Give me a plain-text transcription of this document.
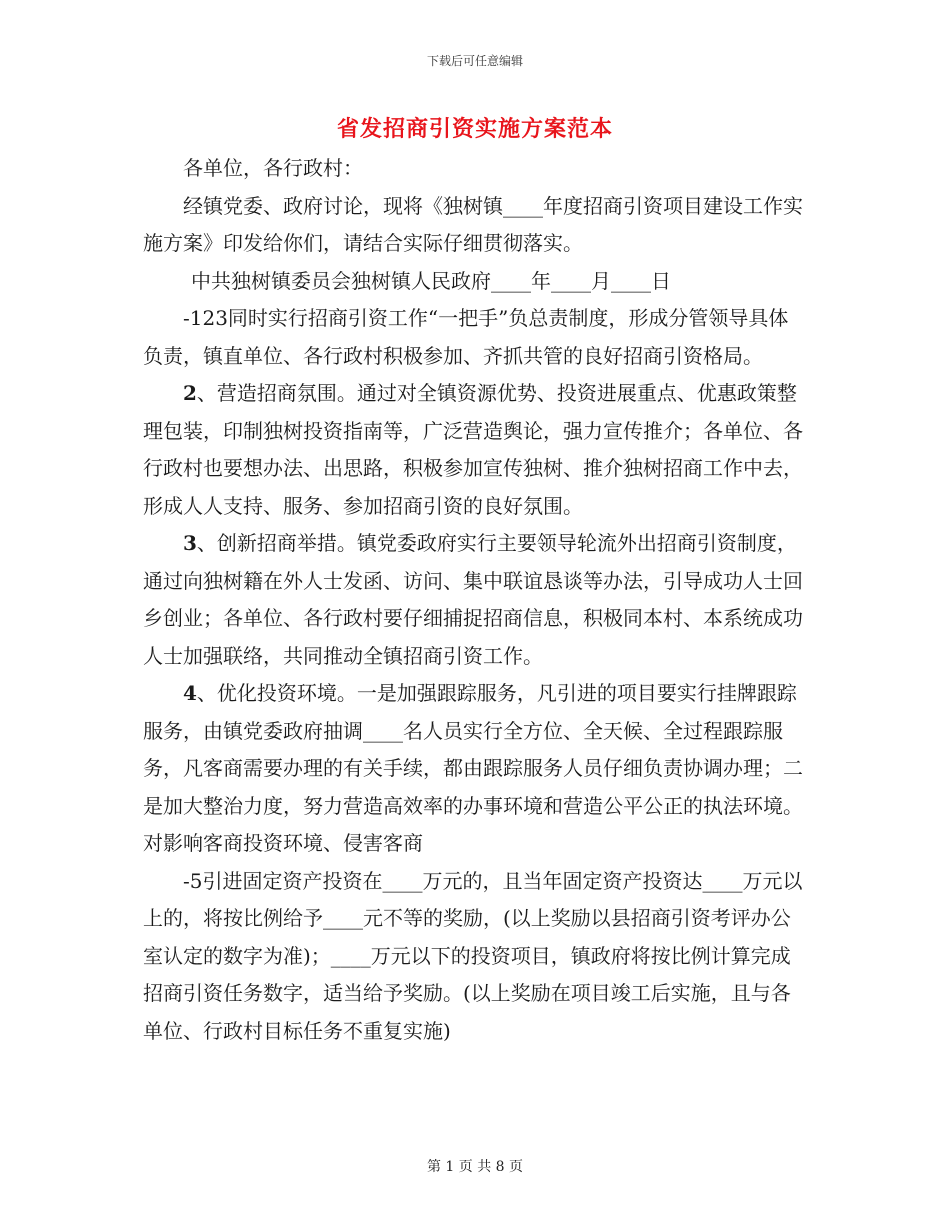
下载后可任意编辑
省发招商引资实施方案范本

各单位，各行政村：

经镇党委、政府讨论，现将《独树镇____年度招商引资项目建设工作实施方案》印发给你们，请结合实际仔细贯彻落实。

中共独树镇委员会独树镇人民政府____年____月____日

-123同时实行招商引资工作“一把手”负总责制度，形成分管领导具体负责，镇直单位、各行政村积极参加、齐抓共管的良好招商引资格局。

2、营造招商氛围。通过对全镇资源优势、投资进展重点、优惠政策整理包装，印制独树投资指南等，广泛营造舆论，强力宣传推介；各单位、各行政村也要想办法、出思路，积极参加宣传独树、推介独树招商工作中去，形成人人支持、服务、参加招商引资的良好氛围。

3、创新招商举措。镇党委政府实行主要领导轮流外出招商引资制度，通过向独树籍在外人士发函、访问、集中联谊恳谈等办法，引导成功人士回乡创业；各单位、各行政村要仔细捕捉招商信息，积极同本村、本系统成功人士加强联络，共同推动全镇招商引资工作。

4、优化投资环境。一是加强跟踪服务，凡引进的项目要实行挂牌跟踪服务，由镇党委政府抽调____名人员实行全方位、全天候、全过程跟踪服务，凡客商需要办理的有关手续，都由跟踪服务人员仔细负责协调办理；二是加大整治力度，努力营造高效率的办事环境和营造公平公正的执法环境。对影响客商投资环境、侵害客商

-5引进固定资产投资在____万元的，且当年固定资产投资达____万元以上的，将按比例给予____元不等的奖励，(以上奖励以县招商引资考评办公室认定的数字为准)；____万元以下的投资项目，镇政府将按比例计算完成招商引资任务数字，适当给予奖励。(以上奖励在项目竣工后实施，且与各单位、行政村目标任务不重复实施)

第 1 页 共 8 页
